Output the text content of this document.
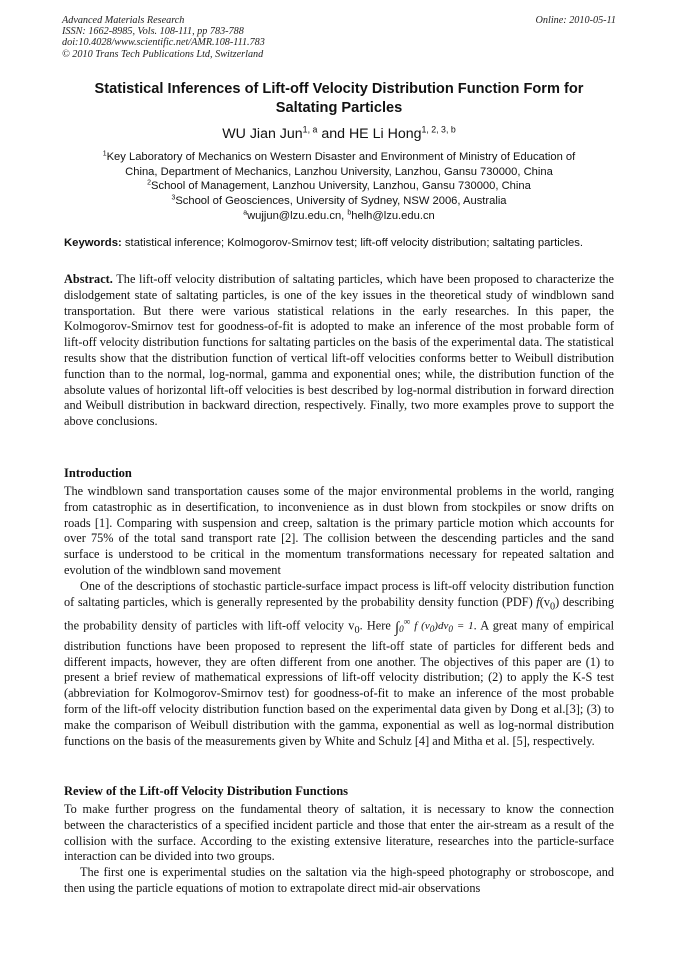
Advanced Materials Research
ISSN: 1662-8985, Vols. 108-111, pp 783-788
doi:10.4028/www.scientific.net/AMR.108-111.783
© 2010 Trans Tech Publications Ltd, Switzerland
Online: 2010-05-11
Statistical Inferences of Lift-off Velocity Distribution Function Form for Saltating Particles
WU Jian Jun$^{1, a}$ and HE Li Hong$^{1, 2, 3, b}$
$^1$Key Laboratory of Mechanics on Western Disaster and Environment of Ministry of Education of
China, Department of Mechanics, Lanzhou University, Lanzhou, Gansu 730000, China
$^2$School of Management, Lanzhou University, Lanzhou, Gansu 730000, China
$^3$School of Geosciences, University of Sydney, NSW 2006, Australia
$^a$wujjun@lzu.edu.cn, $^b$helh@lzu.edu.cn

Keywords: statistical inference; Kolmogorov-Smirnov test; lift-off velocity distribution; saltating particles.

Abstract. The lift-off velocity distribution of saltating particles, which have been proposed to characterize the dislodgement state of saltating particles, is one of the key issues in the theoretical study of windblown sand transportation. But there were various statistical relations in the early researches. In this paper, the Kolmogorov-Smirnov test for goodness-of-fit is adopted to make an inference of the most probable form of lift-off velocity distribution functions for saltating particles on the basis of the experimental data. The statistical results show that the distribution function of vertical lift-off velocities conforms better to Weibull distribution function than to the normal, log-normal, gamma and exponential ones; while, the distribution function of the absolute values of horizontal lift-off velocities is best described by log-normal distribution in forward direction and Weibull distribution in backward direction, respectively. Finally, two more examples prove to support the above conclusions.

Introduction

The windblown sand transportation causes some of the major environmental problems in the world, ranging from catastrophic as in desertification, to inconvenience as in dust blown from stockpiles or snow drifts on roads [1]. Comparing with suspension and creep, saltation is the primary particle motion which accounts for over 75% of the total sand transport rate [2]. The collision between the descending particles and the sand surface is understood to be critical in the momentum transformations necessary for repeated saltation and evolution of the windblown sand movement

One of the descriptions of stochastic particle-surface impact process is lift-off velocity distribution function of saltating particles, which is generally represented by the probability density function (PDF) $f(v_0)$ describing the probability density of particles with lift-off velocity $v_0$. Here $\int_0^\infty$ f $(v_0)dv_0 = 1$. A great many of empirical distribution functions have been proposed to represent the lift-off state of particles for different beds and different impacts, however, they are often different from one another. The objectives of this paper are (1) to present a brief review of mathematical expressions of lift-off velocity distribution; (2) to apply the K-S test (abbreviation for Kolmogorov-Smirnov test) for goodness-of-fit to make an inference of the most probable form of the lift-off velocity distribution function based on the experimental data given by Dong et al.[3]; (3) to make the comparison of Weibull distribution with the gamma, exponential as well as log-normal distribution functions on the basis of the measurements given by White and Schulz [4] and Mitha et al. [5], respectively.

Review of the Lift-off Velocity Distribution Functions

To make further progress on the fundamental theory of saltation, it is necessary to know the connection between the characteristics of a specified incident particle and those that enter the air-stream as a result of the collision with the surface. According to the existing extensive literature, researches into the particle-surface interaction can be divided into two groups.

The first one is experimental studies on the saltation via the high-speed photography or stroboscope, and then using the particle equations of motion to extrapolate direct mid-air observations
